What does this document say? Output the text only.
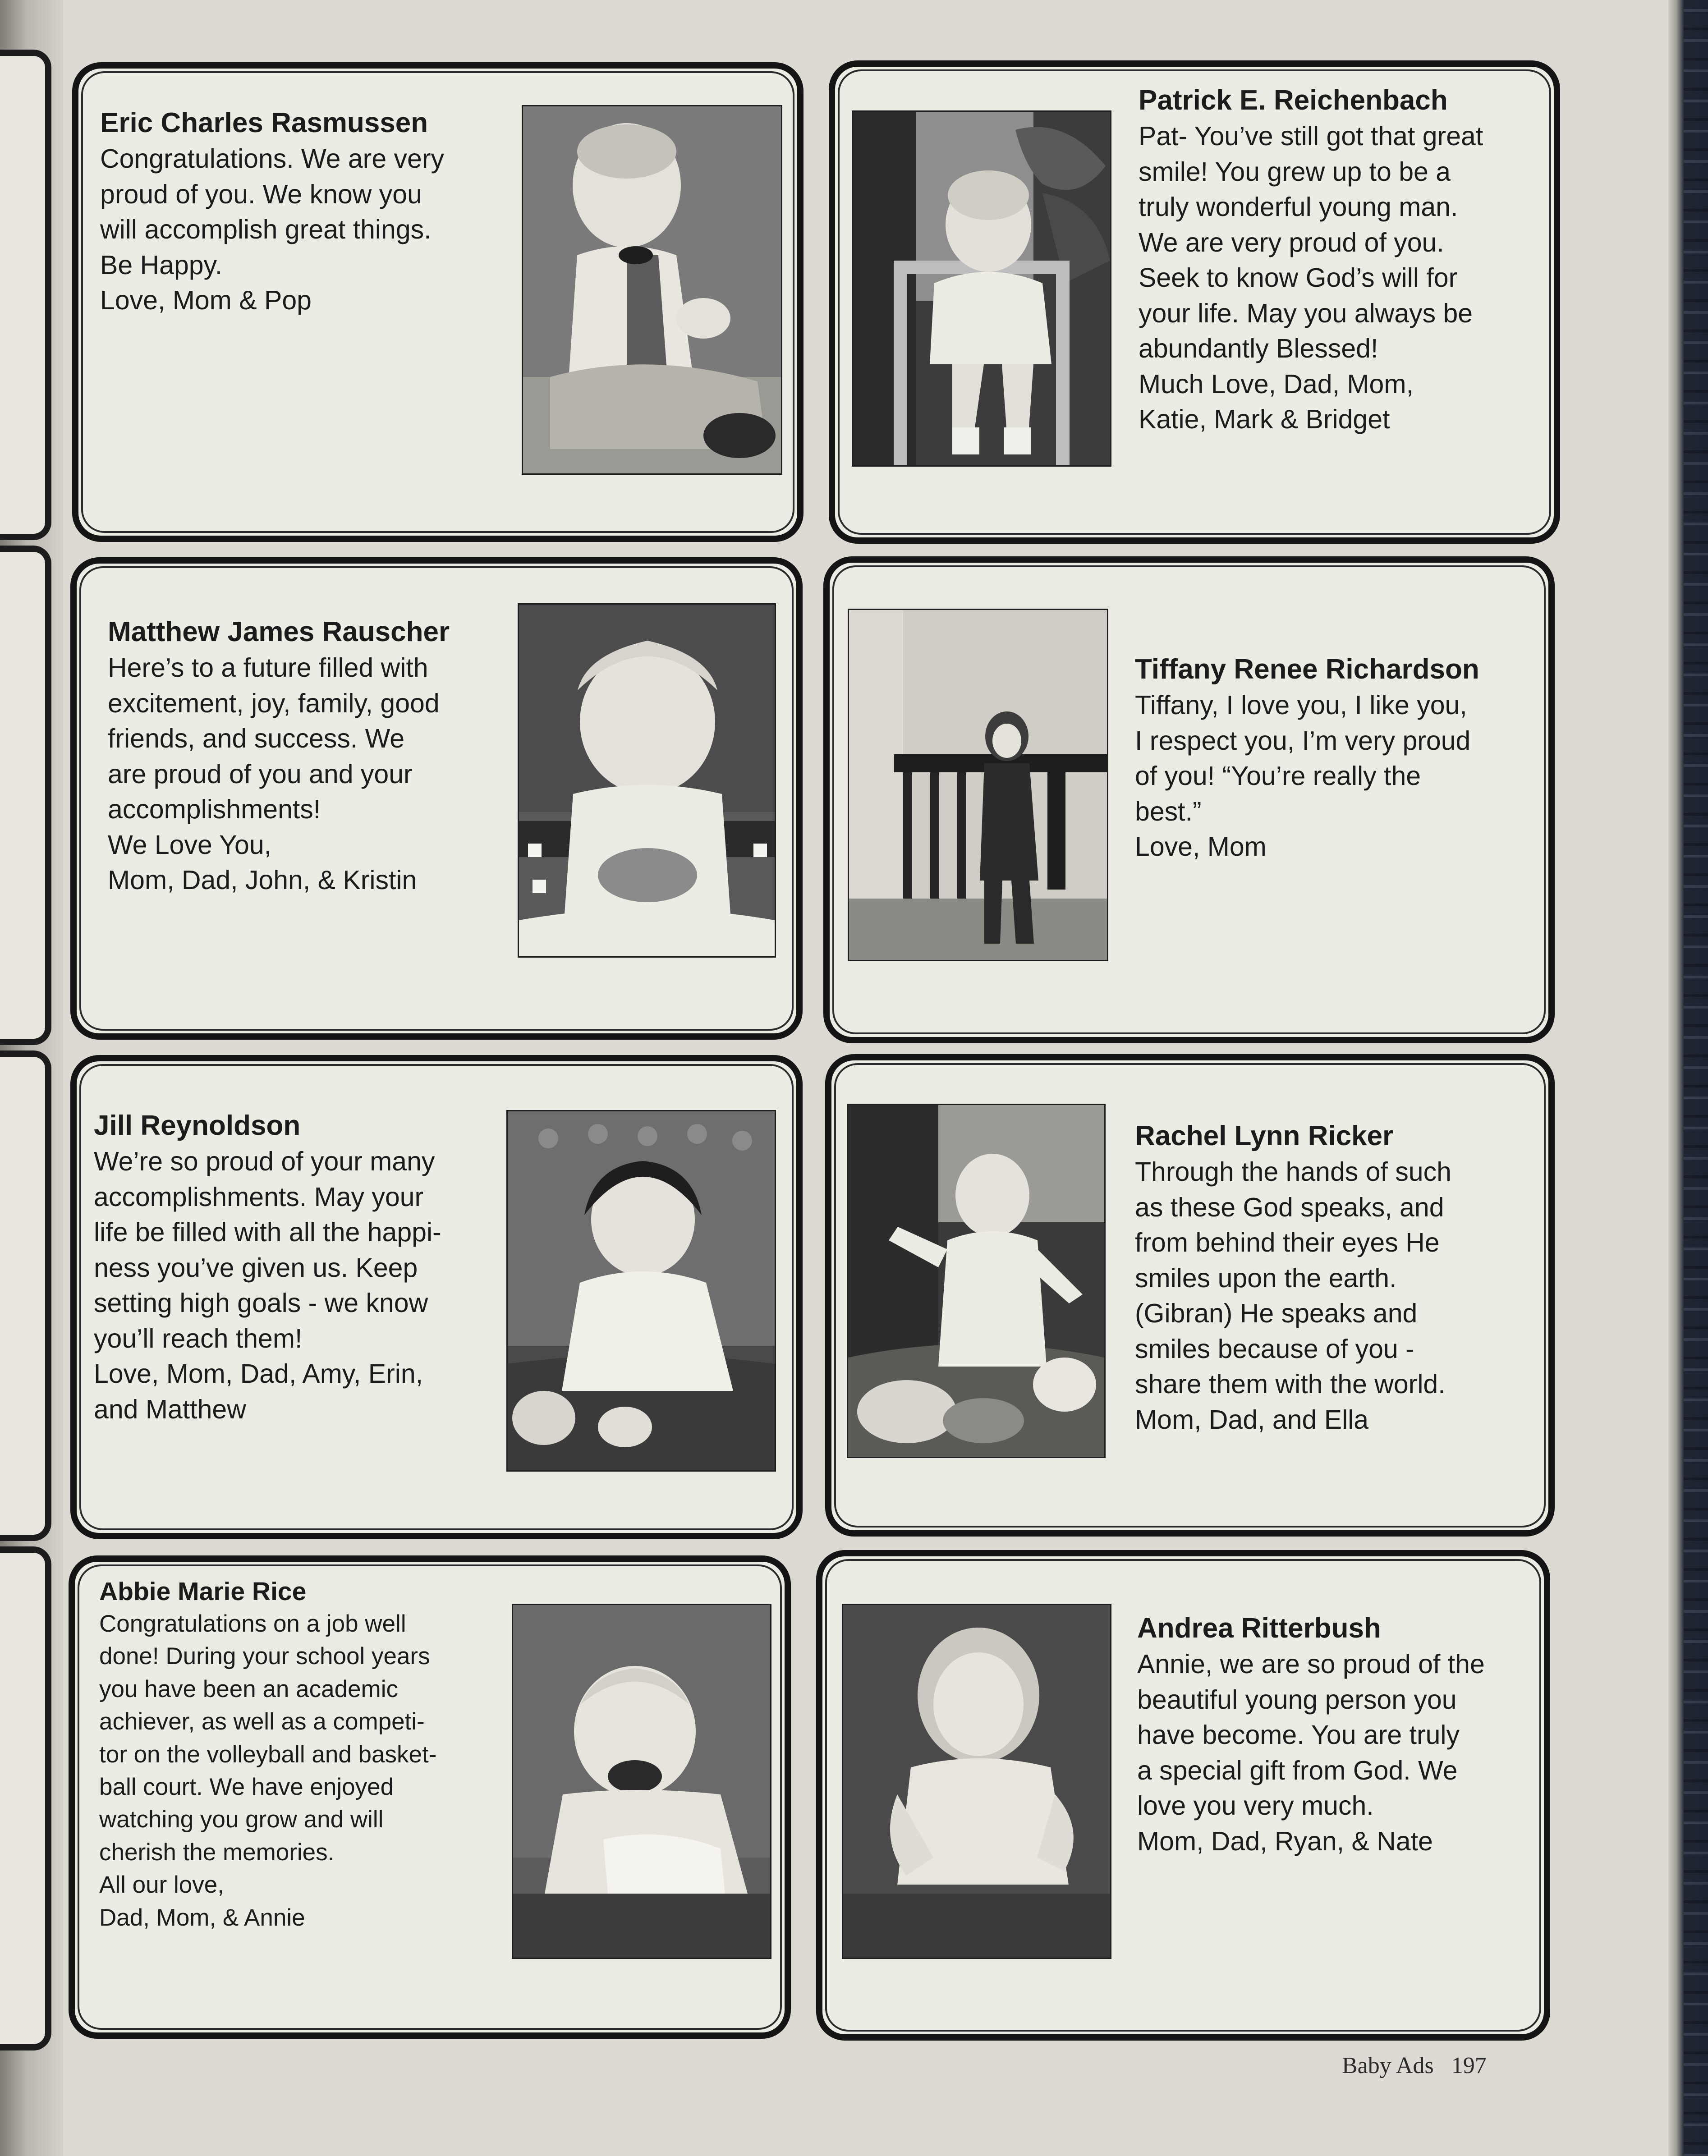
Eric Charles Rasmussen
Congratulations. We are very
proud of you. We know you
will accomplish great things.
Be Happy.
Love, Mom & Pop
Patrick E. Reichenbach
Pat- You’ve still got that great
smile! You grew up to be a
truly wonderful young man.
We are very proud of you.
Seek to know God’s will for
your life. May you always be
abundantly Blessed!
Much Love, Dad, Mom,
Katie, Mark & Bridget
Matthew James Rauscher
Here’s to a future filled with
excitement, joy, family, good
friends, and success. We
are proud of you and your
accomplishments!
We Love You,
Mom, Dad, John, & Kristin
Tiffany Renee Richardson
Tiffany, I love you, I like you,
I respect you, I’m very proud
of you! “You’re really the
best.”
Love, Mom
Jill Reynoldson
We’re so proud of your many
accomplishments. May your
life be filled with all the happi-
ness you’ve given us. Keep
setting high goals - we know
you’ll reach them!
Love, Mom, Dad, Amy, Erin,
and Matthew
Rachel Lynn Ricker
Through the hands of such
as these God speaks, and
from behind their eyes He
smiles upon the earth.
(Gibran) He speaks and
smiles because of you -
share them with the world.
Mom, Dad, and Ella
Abbie Marie Rice
Congratulations on a job well
done! During your school years
you have been an academic
achiever, as well as a competi-
tor on the volleyball and basket-
ball court. We have enjoyed
watching you grow and will
cherish the memories.
All our love,
Dad, Mom, & Annie
Andrea Ritterbush
Annie, we are so proud of the
beautiful young person you
have become. You are truly
a special gift from God. We
love you very much.
Mom, Dad, Ryan, & Nate
Baby Ads 197
